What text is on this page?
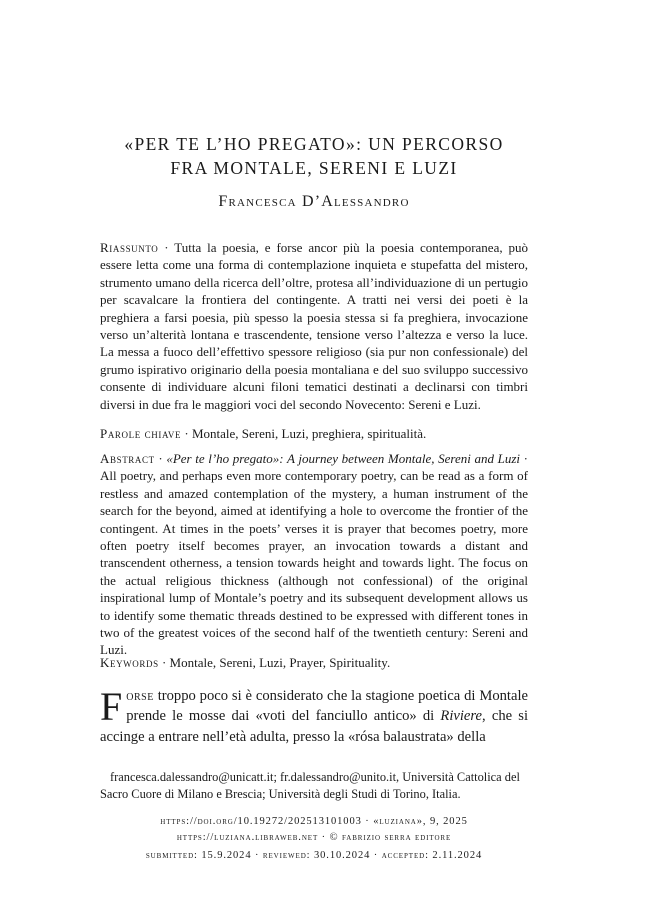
«PER TE L’HO PREGATO»: UN PERCORSO
FRA MONTALE, SERENI E LUZI
Francesca D’Alessandro
Riassunto · Tutta la poesia, e forse ancor più la poesia contemporanea, può essere letta come una forma di contemplazione inquieta e stupefatta del mistero, strumento umano della ricerca dell’oltre, protesa all’individuazione di un pertugio per scavalcare la frontiera del contingente. A tratti nei versi dei poeti è la preghiera a farsi poesia, più spesso la poesia stessa si fa preghiera, invocazione verso un’alterità lontana e trascendente, tensione verso l’altezza e verso la luce. La messa a fuoco dell’effettivo spessore religioso (sia pur non confessionale) del grumo ispirativo originario della poesia montaliana e del suo sviluppo successivo consente di individuare alcuni filoni tematici destinati a declinarsi con timbri diversi in due fra le maggiori voci del secondo Novecento: Sereni e Luzi.
Parole chiave · Montale, Sereni, Luzi, preghiera, spiritualità.
Abstract · «Per te l’ho pregato»: A journey between Montale, Sereni and Luzi · All poetry, and perhaps even more contemporary poetry, can be read as a form of restless and amazed contemplation of the mystery, a human instrument of the search for the beyond, aimed at identifying a hole to overcome the frontier of the contingent. At times in the poets’ verses it is prayer that becomes poetry, more often poetry itself becomes prayer, an invocation towards a distant and transcendent otherness, a tension towards height and towards light. The focus on the actual religious thickness (although not confessional) of the original inspirational lump of Montale’s poetry and its subsequent development allows us to identify some thematic threads destined to be expressed with different tones in two of the greatest voices of the second half of the twentieth century: Sereni and Luzi.
Keywords · Montale, Sereni, Luzi, Prayer, Spirituality.
Forse troppo poco si è considerato che la stagione poetica di Montale prende le mosse dai «voti del fanciullo antico» di Riviere, che si accinge a entrare nell’età adulta, presso la «rósa balaustrata» della
francesca.dalessandro@unicatt.it; fr.dalessandro@unito.it, Università Cattolica del Sacro Cuore di Milano e Brescia; Università degli Studi di Torino, Italia.
https://doi.org/10.19272/202513101003 · «luziana», 9, 2025
https://luziana.libraweb.net · © fabrizio serra editore
submitted: 15.9.2024 · reviewed: 30.10.2024 · accepted: 2.11.2024
